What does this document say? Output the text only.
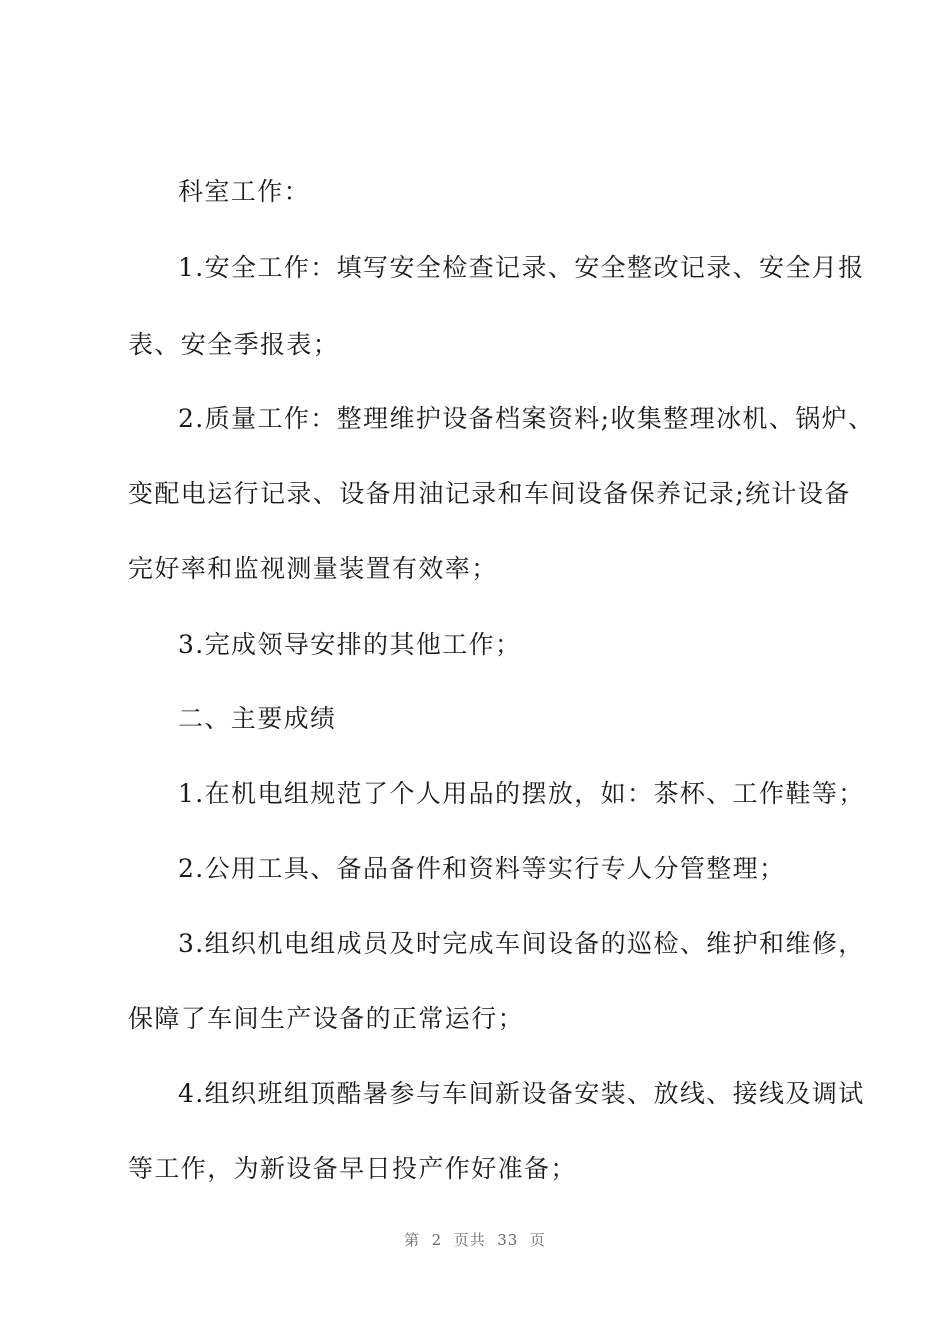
科室工作：
1.安全工作：填写安全检查记录、安全整改记录、安全月报
表、安全季报表；
2.质量工作：整理维护设备档案资料;收集整理冰机、锅炉、
变配电运行记录、设备用油记录和车间设备保养记录;统计设备
完好率和监视测量装置有效率；
3.完成领导安排的其他工作；
二、主要成绩
1.在机电组规范了个人用品的摆放，如：茶杯、工作鞋等；
2.公用工具、备品备件和资料等实行专人分管整理；
3.组织机电组成员及时完成车间设备的巡检、维护和维修，
保障了车间生产设备的正常运行；
4.组织班组顶酷暑参与车间新设备安装、放线、接线及调试
等工作，为新设备早日投产作好准备；
第  2  页共  33  页
